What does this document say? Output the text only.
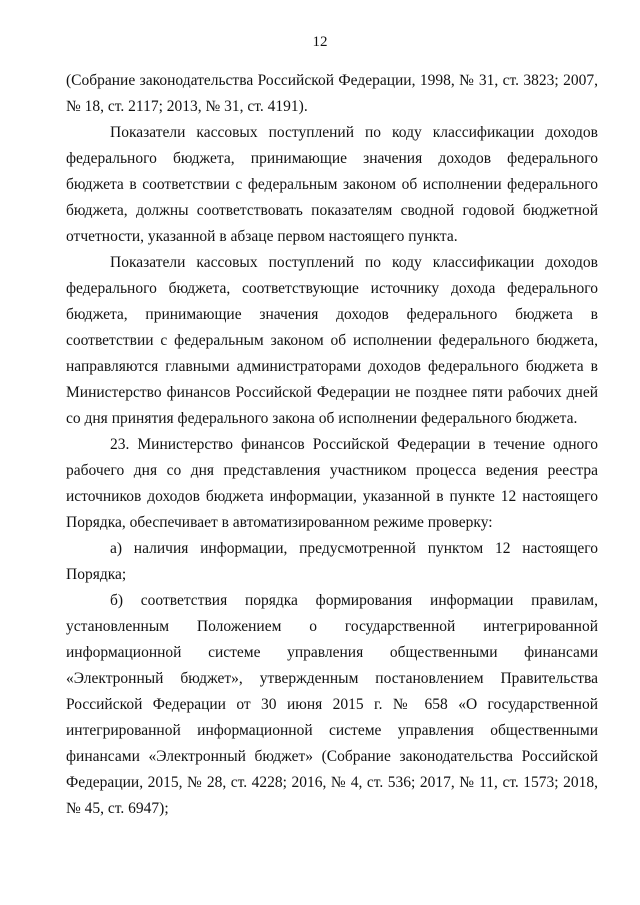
12

(Собрание законодательства Российской Федерации, 1998, № 31, ст. 3823; 2007, № 18, ст. 2117; 2013, № 31, ст. 4191).

Показатели кассовых поступлений по коду классификации доходов федерального бюджета, принимающие значения доходов федерального бюджета в соответствии с федеральным законом об исполнении федерального бюджета, должны соответствовать показателям сводной годовой бюджетной отчетности, указанной в абзаце первом настоящего пункта.

Показатели кассовых поступлений по коду классификации доходов федерального бюджета, соответствующие источнику дохода федерального бюджета, принимающие значения доходов федерального бюджета в соответствии с федеральным законом об исполнении федерального бюджета, направляются главными администраторами доходов федерального бюджета в Министерство финансов Российской Федерации не позднее пяти рабочих дней со дня принятия федерального закона об исполнении федерального бюджета.

23. Министерство финансов Российской Федерации в течение одного рабочего дня со дня представления участником процесса ведения реестра источников доходов бюджета информации, указанной в пункте 12 настоящего Порядка, обеспечивает в автоматизированном режиме проверку:

а) наличия информации, предусмотренной пунктом 12 настоящего Порядка;

б) соответствия порядка формирования информации правилам, установленным Положением о государственной интегрированной информационной системе управления общественными финансами «Электронный бюджет», утвержденным постановлением Правительства Российской Федерации от 30 июня 2015 г. № 658 «О государственной интегрированной информационной системе управления общественными финансами «Электронный бюджет» (Собрание законодательства Российской Федерации, 2015, № 28, ст. 4228; 2016, № 4, ст. 536; 2017, № 11, ст. 1573; 2018, № 45, ст. 6947);
